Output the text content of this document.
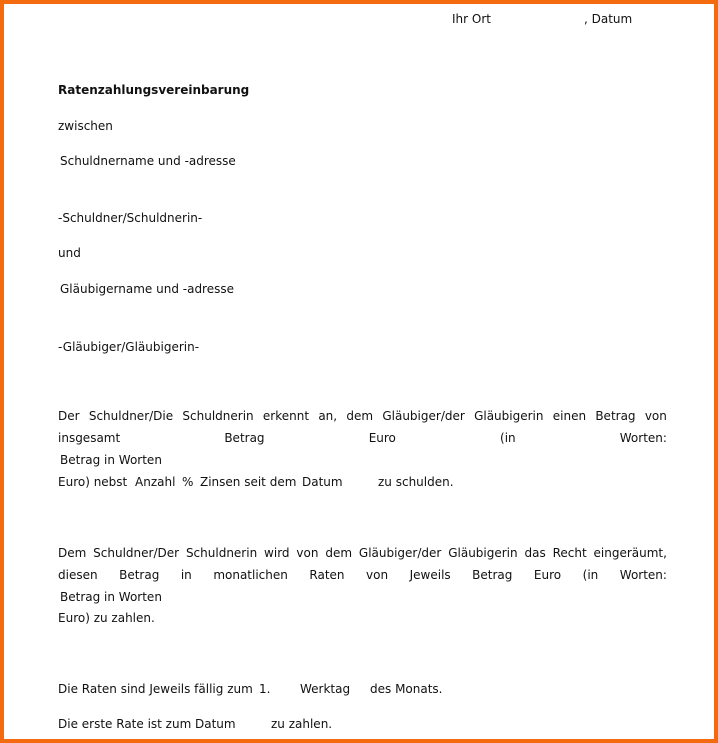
Ihr Ort	, Datum
Ratenzahlungsvereinbarung
zwischen
Schuldnername und -adresse
-Schuldner/Schuldnerin-
und
Gläubigername und -adresse
-Gläubiger/Gläubigerin-
Der Schuldner/Die Schuldnerin erkennt an, dem Gläubiger/der Gläubigerin einen Betrag von
insgesamt	Betrag	Euro	(in	Worten:
Betrag in Worten
Euro) nebst Anzahl % Zinsen seit dem Datum	zu schulden.
Dem Schuldner/Der Schuldnerin wird von dem Gläubiger/der Gläubigerin das Recht eingeräumt,
diesen Betrag in monatlichen Raten von Jeweils Betrag Euro (in Worten:
Betrag in Worten
Euro) zu zahlen.
Die Raten sind Jeweils fällig zum 1. Werktag des Monats.
Die erste Rate ist zum Datum	zu zahlen.
